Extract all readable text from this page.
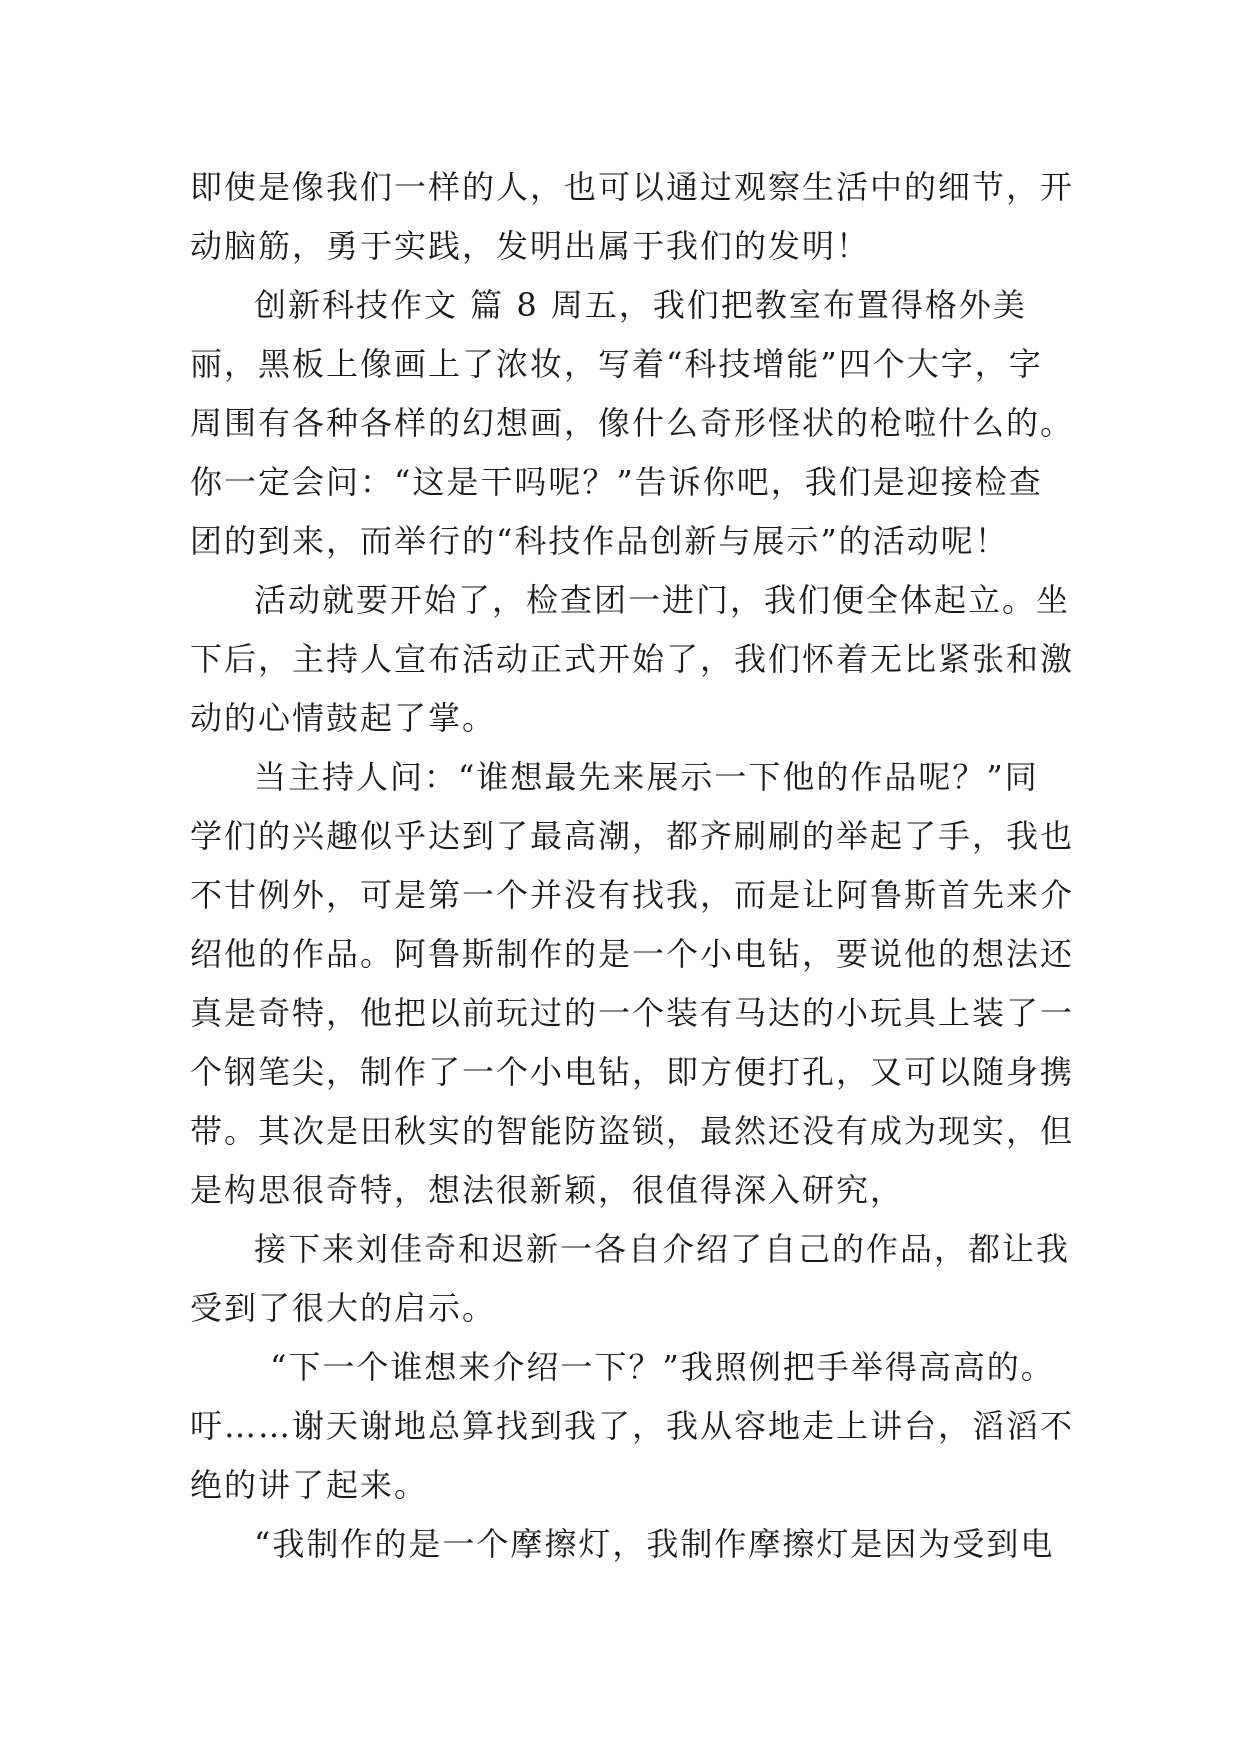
即使是像我们一样的人，也可以通过观察生活中的细节，开
动脑筋，勇于实践，发明出属于我们的发明！
创新科技作文 篇 8 周五，我们把教室布置得格外美
丽，黑板上像画上了浓妆，写着“科技增能”四个大字，字
周围有各种各样的幻想画，像什么奇形怪状的枪啦什么的。
你一定会问：“这是干吗呢？”告诉你吧，我们是迎接检查
团的到来，而举行的“科技作品创新与展示”的活动呢！
活动就要开始了，检查团一进门，我们便全体起立。坐
下后，主持人宣布活动正式开始了，我们怀着无比紧张和激
动的心情鼓起了掌。
当主持人问：“谁想最先来展示一下他的作品呢？”同
学们的兴趣似乎达到了最高潮，都齐刷刷的举起了手，我也
不甘例外，可是第一个并没有找我，而是让阿鲁斯首先来介
绍他的作品。阿鲁斯制作的是一个小电钻，要说他的想法还
真是奇特，他把以前玩过的一个装有马达的小玩具上装了一
个钢笔尖，制作了一个小电钻，即方便打孔，又可以随身携
带。其次是田秋实的智能防盗锁，最然还没有成为现实，但
是构思很奇特，想法很新颖，很值得深入研究，
接下来刘佳奇和迟新一各自介绍了自己的作品，都让我
受到了很大的启示。
“下一个谁想来介绍一下？”我照例把手举得高高的。
吁……谢天谢地总算找到我了，我从容地走上讲台，滔滔不
绝的讲了起来。
“我制作的是一个摩擦灯，我制作摩擦灯是因为受到电
